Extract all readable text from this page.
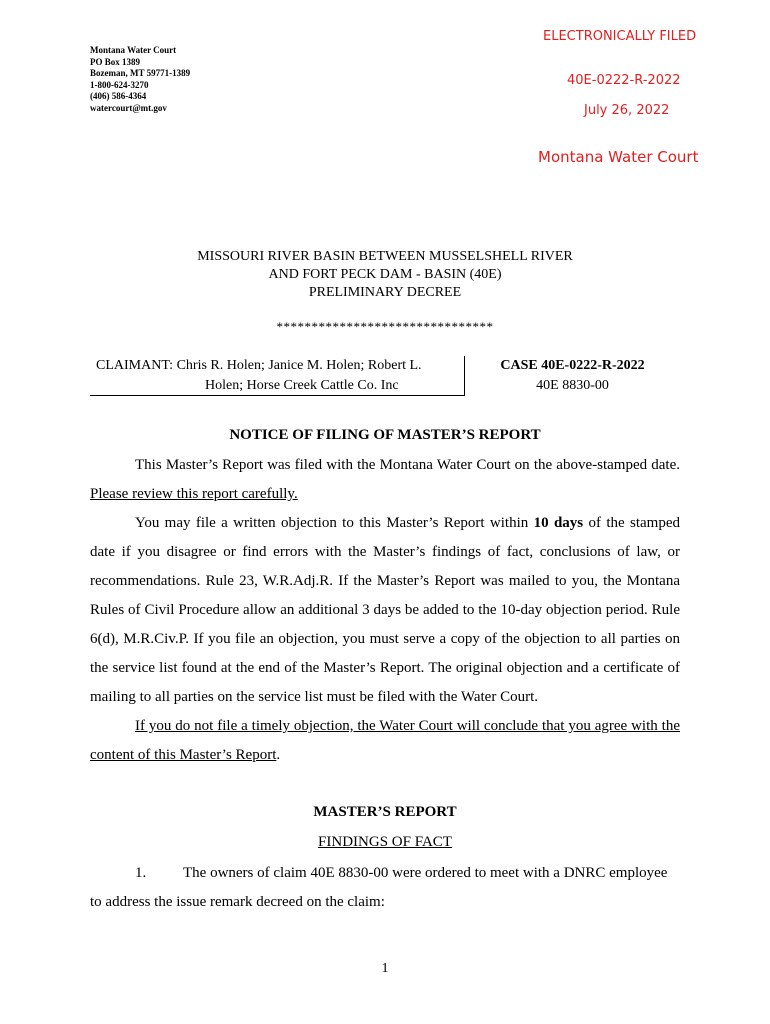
Montana Water Court
PO Box 1389
Bozeman, MT 59771-1389
1-800-624-3270
(406) 586-4364
watercourt@mt.gov
ELECTRONICALLY FILED
40E-0222-R-2022
July 26, 2022
Montana Water Court
MISSOURI RIVER BASIN BETWEEN MUSSELSHELL RIVER
AND FORT PECK DAM - BASIN (40E)
PRELIMINARY DECREE
*******************************
CLAIMANT: Chris R. Holen; Janice M. Holen; Robert L.
Holen; Horse Creek Cattle Co. Inc
CASE 40E-0222-R-2022
40E 8830-00
NOTICE OF FILING OF MASTER’S REPORT

This Master’s Report was filed with the Montana Water Court on the above-stamped date. Please review this report carefully.

You may file a written objection to this Master’s Report within 10 days of the stamped date if you disagree or find errors with the Master’s findings of fact, conclusions of law, or recommendations. Rule 23, W.R.Adj.R. If the Master’s Report was mailed to you, the Montana Rules of Civil Procedure allow an additional 3 days be added to the 10-day objection period. Rule 6(d), M.R.Civ.P. If you file an objection, you must serve a copy of the objection to all parties on the service list found at the end of the Master’s Report. The original objection and a certificate of mailing to all parties on the service list must be filed with the Water Court.

If you do not file a timely objection, the Water Court will conclude that you agree with the content of this Master’s Report.

MASTER’S REPORT
FINDINGS OF FACT
1. The owners of claim 40E 8830-00 were ordered to meet with a DNRC employee to address the issue remark decreed on the claim:
1
